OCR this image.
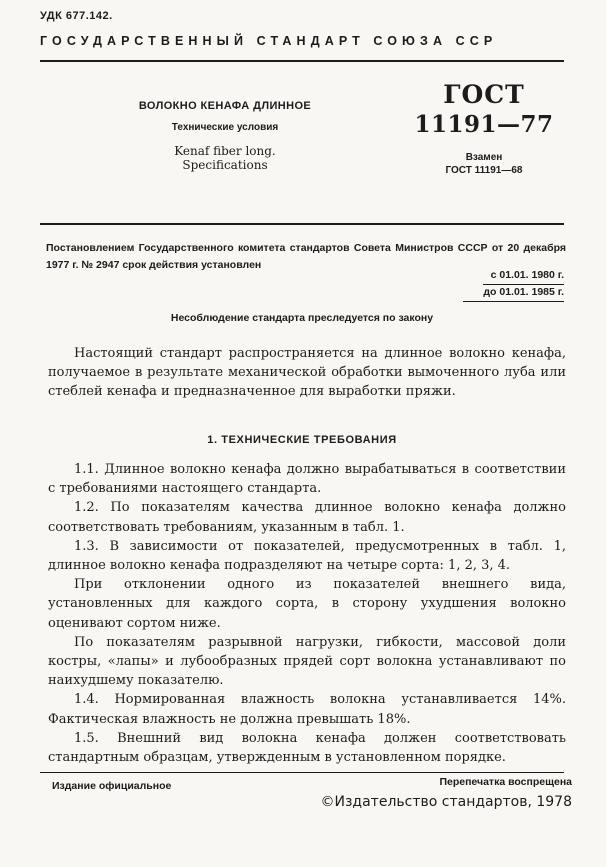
УДК 677.142.
ГОСУДАРСТВЕННЫЙ СТАНДАРТ СОЮЗА ССР
ВОЛОКНО КЕНАФА ДЛИННОЕ
Технические условия
Kenaf fiber long.
Specifications
ГОСТ
11191—77
Взамен
ГОСТ 11191—68
Постановлением Государственного комитета стандартов Совета Министров СССР от 20 декабря 1977 г. № 2947 срок действия установлен
с 01.01. 1980 г.
до 01.01. 1985 г.
Несоблюдение стандарта преследуется по закону

Настоящий стандарт распространяется на длинное волокно кенафа, получаемое в результате механической обработки вымоченного луба или стеблей кенафа и предназначенное для выработки пряжи.

1. ТЕХНИЧЕСКИЕ ТРЕБОВАНИЯ

1.1. Длинное волокно кенафа должно вырабатываться в соответствии с требованиями настоящего стандарта.

1.2. По показателям качества длинное волокно кенафа должно соответствовать требованиям, указанным в табл. 1.

1.3. В зависимости от показателей, предусмотренных в табл. 1, длинное волокно кенафа подразделяют на четыре сорта: 1, 2, 3, 4.

При отклонении одного из показателей внешнего вида, установленных для каждого сорта, в сторону ухудшения волокно оценивают сортом ниже.

По показателям разрывной нагрузки, гибкости, массовой доли костры, «лапы» и лубообразных прядей сорт волокна устанавливают по наихудшему показателю.

1.4. Нормированная влажность волокна устанавливается 14%. Фактическая влажность не должна превышать 18%.

1.5. Внешний вид волокна кенафа должен соответствовать стандартным образцам, утвержденным в установленном порядке.

Издание официальное	Перепечатка воспрещена
©Издательство стандартов, 1978
